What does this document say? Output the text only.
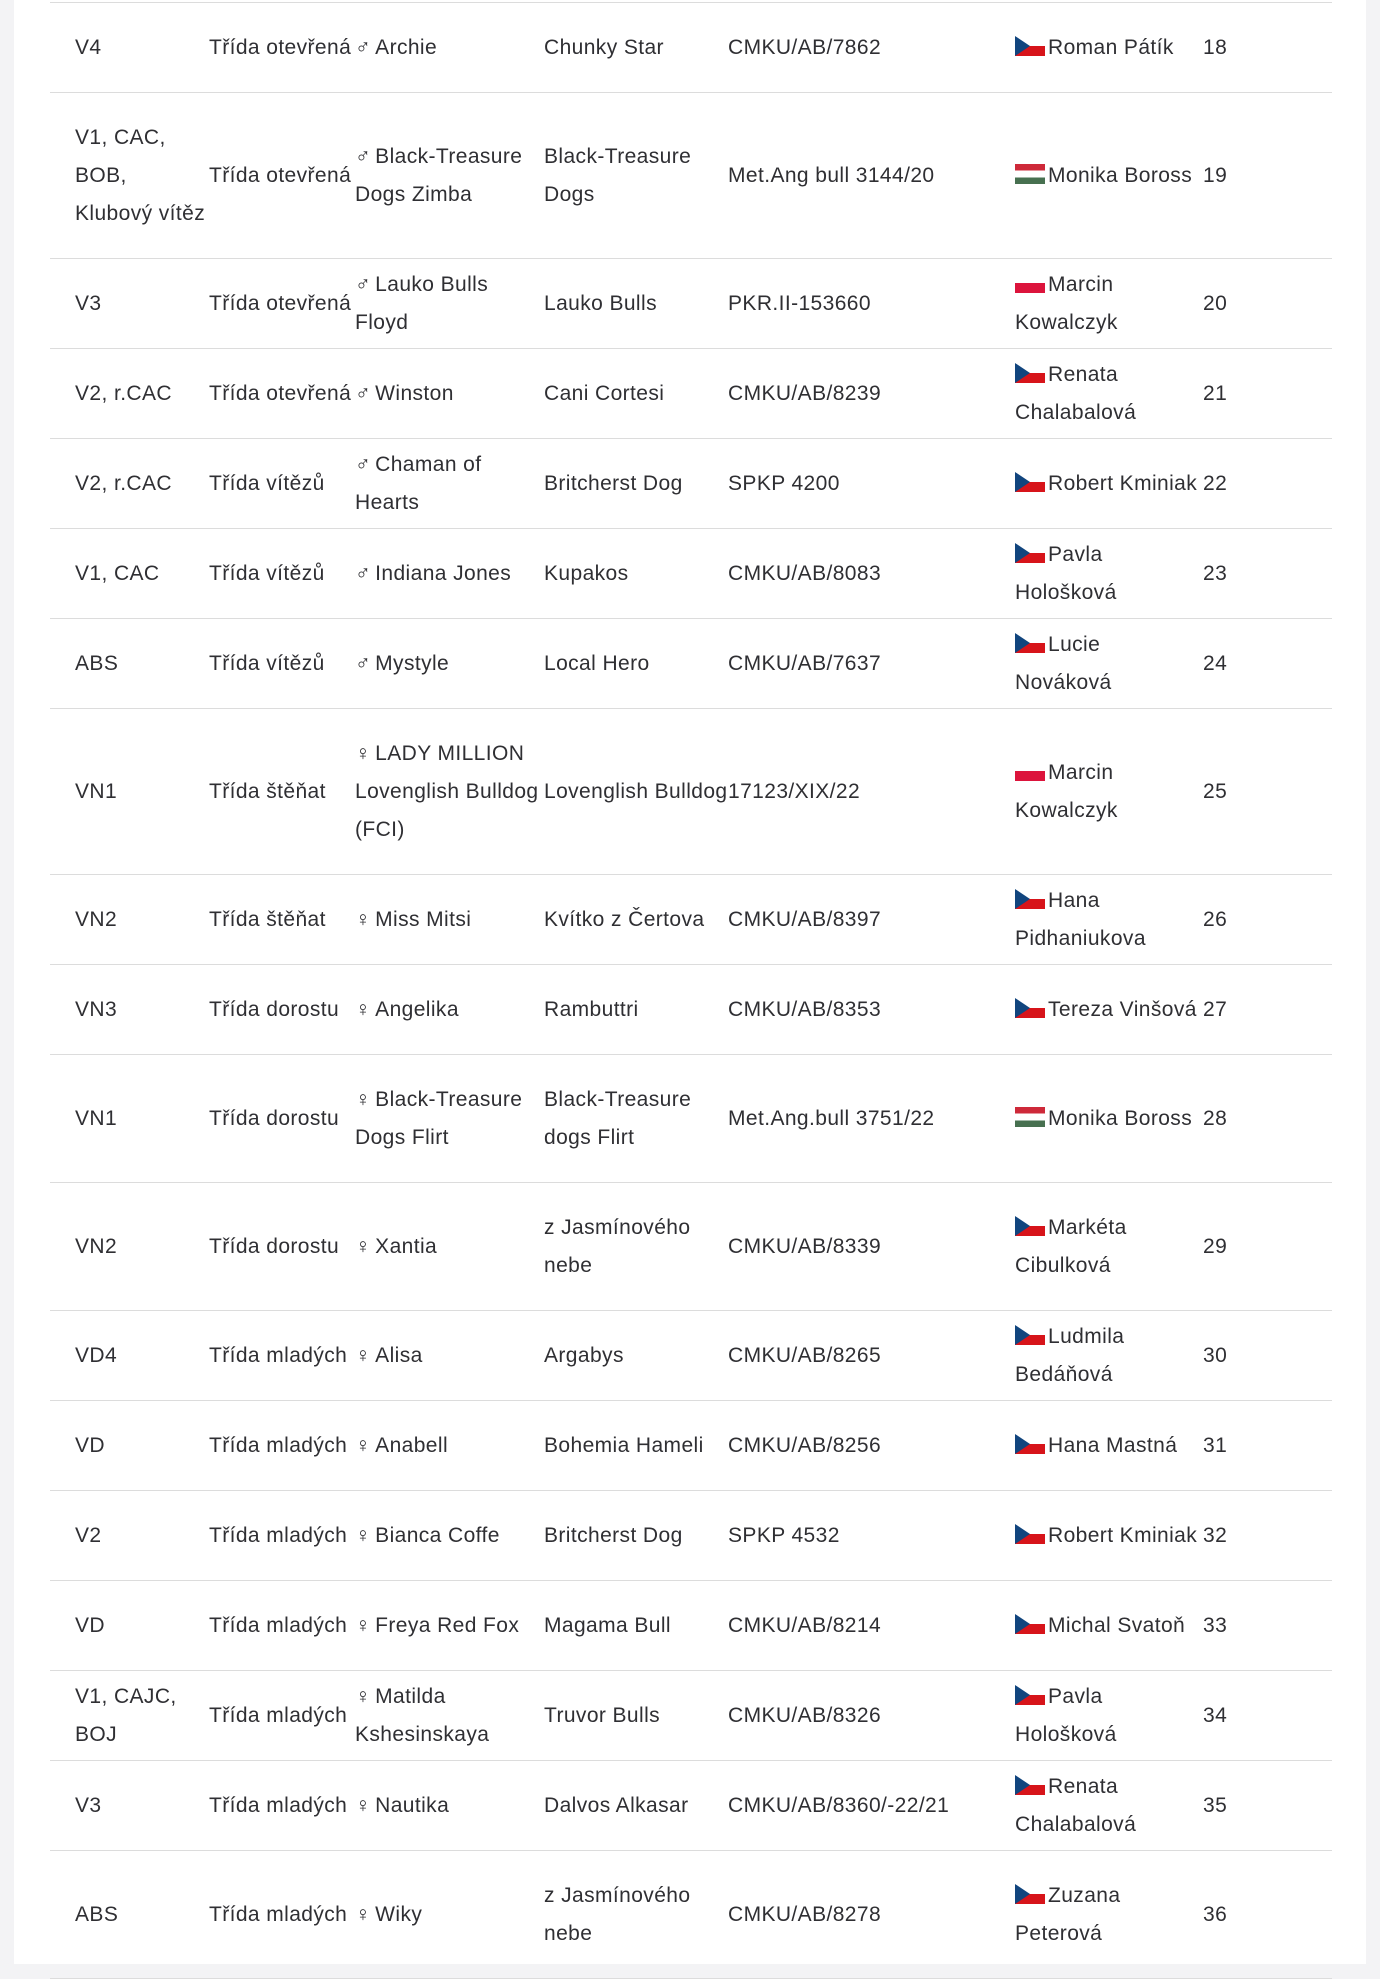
V4	Třída otevřená	♂ Archie	Chunky Star	CMKU/AB/7862	Roman Pátík	18
V1, CAC, BOB, Klubový vítěz	Třída otevřená	♂ Black-Treasure Dogs Zimba	Black-Treasure Dogs	Met.Ang bull 3144/20	Monika Boross	19
V3	Třída otevřená	♂ Lauko Bulls Floyd	Lauko Bulls	PKR.II-153660	Marcin Kowalczyk	20
V2, r.CAC	Třída otevřená	♂ Winston	Cani Cortesi	CMKU/AB/8239	Renata Chalabalová	21
V2, r.CAC	Třída vítězů	♂ Chaman of Hearts	Britcherst Dog	SPKP 4200	Robert Kminiak	22
V1, CAC	Třída vítězů	♂ Indiana Jones	Kupakos	CMKU/AB/8083	Pavla Hološková	23
ABS	Třída vítězů	♂ Mystyle	Local Hero	CMKU/AB/7637	Lucie Nováková	24
VN1	Třída štěňat	♀ LADY MILLION Lovenglish Bulldog (FCI)	Lovenglish Bulldog	17123/XIX/22	Marcin Kowalczyk	25
VN2	Třída štěňat	♀ Miss Mitsi	Kvítko z Čertova	CMKU/AB/8397	Hana Pidhaniukova	26
VN3	Třída dorostu	♀ Angelika	Rambuttri	CMKU/AB/8353	Tereza Vinšová	27
VN1	Třída dorostu	♀ Black-Treasure Dogs Flirt	Black-Treasure dogs Flirt	Met.Ang.bull 3751/22	Monika Boross	28
VN2	Třída dorostu	♀ Xantia	z Jasmínového nebe	CMKU/AB/8339	Markéta Cibulková	29
VD4	Třída mladých	♀ Alisa	Argabys	CMKU/AB/8265	Ludmila Bedáňová	30
VD	Třída mladých	♀ Anabell	Bohemia Hameli	CMKU/AB/8256	Hana Mastná	31
V2	Třída mladých	♀ Bianca Coffe	Britcherst Dog	SPKP 4532	Robert Kminiak	32
VD	Třída mladých	♀ Freya Red Fox	Magama Bull	CMKU/AB/8214	Michal Svatoň	33
V1, CAJC, BOJ	Třída mladých	♀ Matilda Kshesinskaya	Truvor Bulls	CMKU/AB/8326	Pavla Hološková	34
V3	Třída mladých	♀ Nautika	Dalvos Alkasar	CMKU/AB/8360/-22/21	Renata Chalabalová	35
ABS	Třída mladých	♀ Wiky	z Jasmínového nebe	CMKU/AB/8278	Zuzana Peterová	36
